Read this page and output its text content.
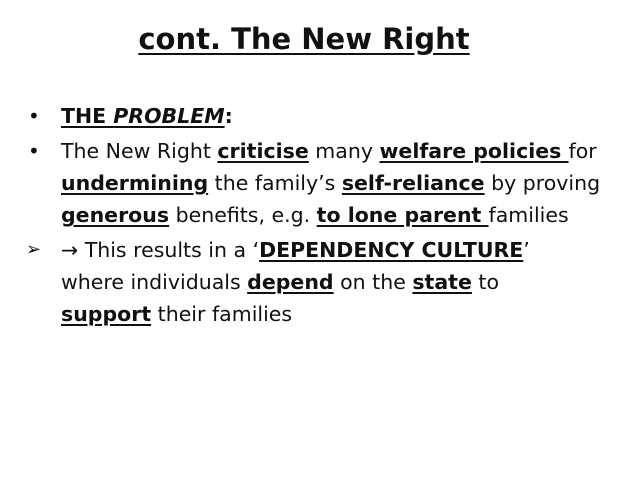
cont. The New Right
•	THE PROBLEM:
•	The New Right criticise many welfare policies for
undermining the family’s self-reliance by proving
generous benefits, e.g. to lone parent families
➢ → This results in a ‘DEPENDENCY CULTURE’
where individuals depend on the state to
support their families
